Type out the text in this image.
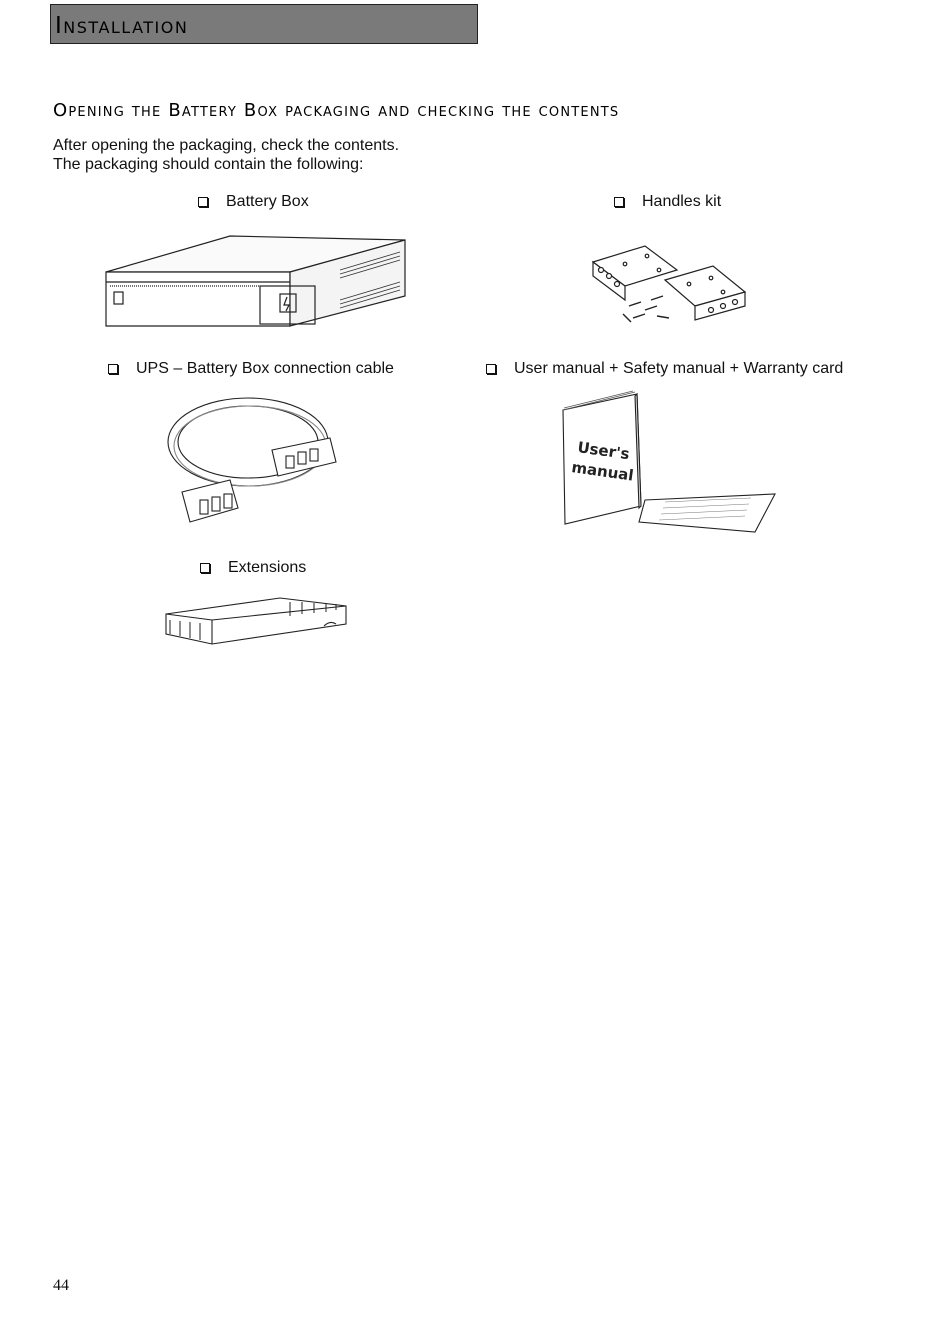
Installation
Opening the Battery Box packaging and checking the contents
After opening the packaging, check the contents.
The packaging should contain the following:
Battery Box	Handles kit
UPS – Battery Box connection cable	User manual + Safety manual + Warranty card
User's
manual
Extensions
44
